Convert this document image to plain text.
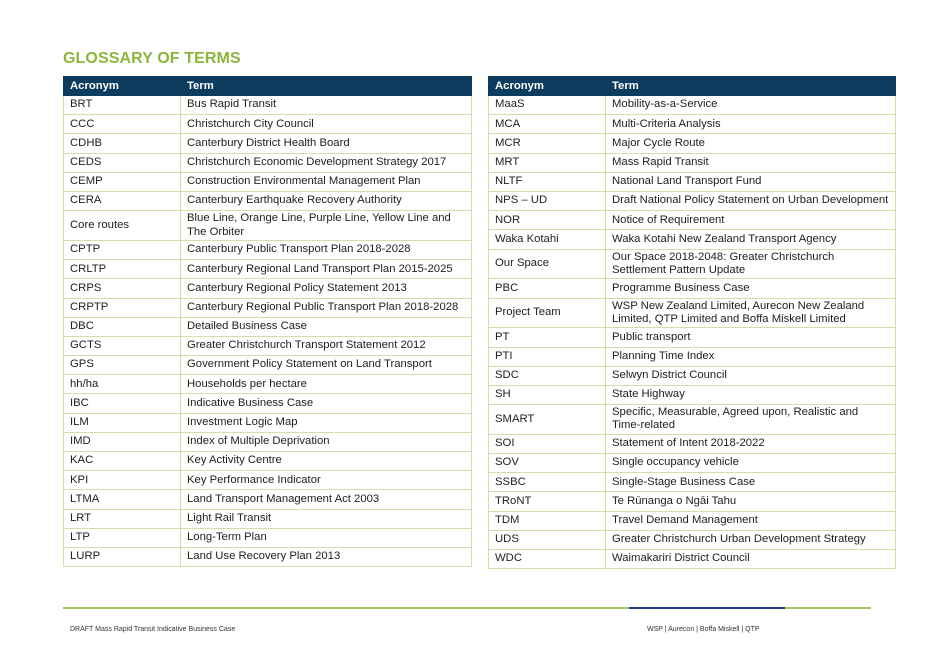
GLOSSARY OF TERMS
Acronym	Term
BRT	Bus Rapid Transit
CCC	Christchurch City Council
CDHB	Canterbury District Health Board
CEDS	Christchurch Economic Development Strategy 2017
CEMP	Construction Environmental Management Plan
CERA	Canterbury Earthquake Recovery Authority
Core routes	Blue Line, Orange Line, Purple Line, Yellow Line and The Orbiter
CPTP	Canterbury Public Transport Plan 2018-2028
CRLTP	Canterbury Regional Land Transport Plan 2015-2025
CRPS	Canterbury Regional Policy Statement 2013
CRPTP	Canterbury Regional Public Transport Plan 2018-2028
DBC	Detailed Business Case
GCTS	Greater Christchurch Transport Statement 2012
GPS	Government Policy Statement on Land Transport
hh/ha	Households per hectare
IBC	Indicative Business Case
ILM	Investment Logic Map
IMD	Index of Multiple Deprivation
KAC	Key Activity Centre
KPI	Key Performance Indicator
LTMA	Land Transport Management Act 2003
LRT	Light Rail Transit
LTP	Long-Term Plan
LURP	Land Use Recovery Plan 2013
Acronym	Term
MaaS	Mobility-as-a-Service
MCA	Multi-Criteria Analysis
MCR	Major Cycle Route
MRT	Mass Rapid Transit
NLTF	National Land Transport Fund
NPS – UD	Draft National Policy Statement on Urban Development
NOR	Notice of Requirement
Waka Kotahi	Waka Kotahi New Zealand Transport Agency
Our Space	Our Space 2018-2048: Greater Christchurch Settlement Pattern Update
PBC	Programme Business Case
Project Team	WSP New Zealand Limited, Aurecon New Zealand Limited, QTP Limited and Boffa Miskell Limited
PT	Public transport
PTI	Planning Time Index
SDC	Selwyn District Council
SH	State Highway
SMART	Specific, Measurable, Agreed upon, Realistic and Time-related
SOI	Statement of Intent 2018-2022
SOV	Single occupancy vehicle
SSBC	Single-Stage Business Case
TRoNT	Te Rūnanga o Ngāi Tahu
TDM	Travel Demand Management
UDS	Greater Christchurch Urban Development Strategy
WDC	Waimakariri District Council
DRAFT Mass Rapid Transit Indicative Business Case	WSP | Aurecon | Boffa Miskell | QTP
